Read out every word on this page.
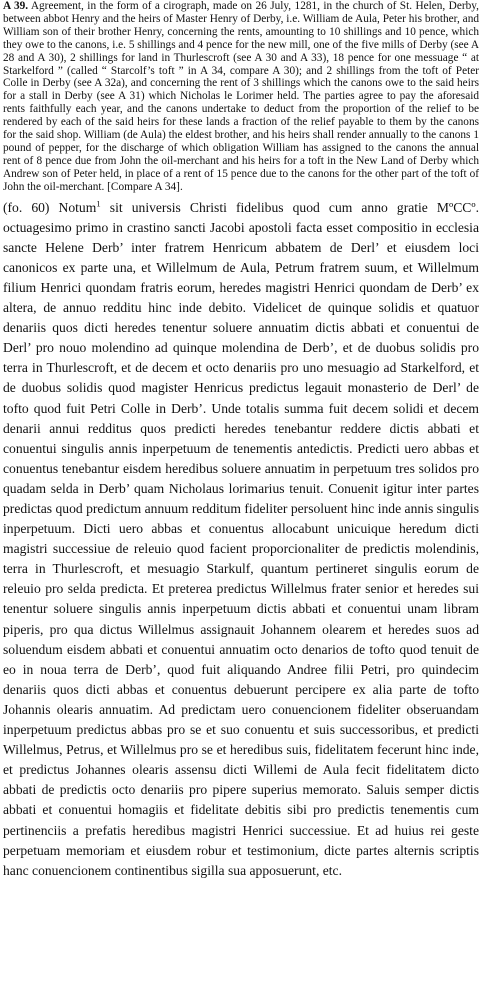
A 39. Agreement, in the form of a cirograph, made on 26 July, 1281, in the church of St. Helen, Derby, between abbot Henry and the heirs of Master Henry of Derby, i.e. William de Aula, Peter his brother, and William son of their brother Henry, concerning the rents, amounting to 10 shillings and 10 pence, which they owe to the canons, i.e. 5 shillings and 4 pence for the new mill, one of the five mills of Derby (see A 28 and A 30), 2 shillings for land in Thurlescroft (see A 30 and A 33), 18 pence for one messuage “ at Starkelford ” (called “ Starcolf’s toft ” in A 34, compare A 30); and 2 shillings from the toft of Peter Colle in Derby (see A 32a), and concerning the rent of 3 shillings which the canons owe to the said heirs for a stall in Derby (see A 31) which Nicholas le Lorimer held. The parties agree to pay the aforesaid rents faithfully each year, and the canons undertake to deduct from the proportion of the relief to be rendered by each of the said heirs for these lands a fraction of the relief payable to them by the canons for the said shop. William (de Aula) the eldest brother, and his heirs shall render annually to the canons 1 pound of pepper, for the discharge of which obligation William has assigned to the canons the annual rent of 8 pence due from John the oil-merchant and his heirs for a toft in the New Land of Derby which Andrew son of Peter held, in place of a rent of 15 pence due to the canons for the other part of the toft of John the oil-merchant. [Compare A 34].

(fo. 60) Notum$^1$ sit universis Christi fidelibus quod cum anno gratie MºCCº. octuagesimo primo in crastino sancti Jacobi apostoli facta esset compositio in ecclesia sancte Helene Derb’ inter fratrem Henricum abbatem de Derl’ et eiusdem loci canonicos ex parte una, et Willelmum de Aula, Petrum fratrem suum, et Willelmum filium Henrici quondam fratris eorum, heredes magistri Henrici quondam de Derb’ ex altera, de annuo redditu hinc inde debito. Videlicet de quinque solidis et quatuor denariis quos dicti heredes tenentur soluere annuatim dictis abbati et conuentui de Derl’ pro nouo molendino ad quinque molendina de Derb’, et de duobus solidis pro terra in Thurlescroft, et de decem et octo denariis pro uno mesuagio ad Starkelford, et de duobus solidis quod magister Henricus predictus legauit monasterio de Derl’ de tofto quod fuit Petri Colle in Derb’. Unde totalis summa fuit decem solidi et decem denarii annui redditus quos predicti heredes tenebantur reddere dictis abbati et conuentui singulis annis inperpetuum de tenementis antedictis. Predicti uero abbas et conuentus tenebantur eisdem heredibus soluere annuatim in perpetuum tres solidos pro quadam selda in Derb’ quam Nicholaus lorimarius tenuit. Conuenit igitur inter partes predictas quod predictum annuum redditum fideliter persoluent hinc inde annis singulis inperpetuum. Dicti uero abbas et conuentus allocabunt unicuique heredum dicti magistri successiue de releuio quod facient proporcionaliter de predictis molendinis, terra in Thurlescroft, et mesuagio Starkulf, quantum pertineret singulis eorum de releuio pro selda predicta. Et preterea predictus Willelmus frater senior et heredes sui tenentur soluere singulis annis inperpetuum dictis abbati et conuentui unam libram piperis, pro qua dictus Willelmus assignauit Johannem olearem et heredes suos ad soluendum eisdem abbati et conuentui annuatim octo denarios de tofto quod tenuit de eo in noua terra de Derb’, quod fuit aliquando Andree filii Petri, pro quindecim denariis quos dicti abbas et conuentus debuerunt percipere ex alia parte de tofto Johannis olearis annuatim. Ad predictam uero conuencionem fideliter obseruandam inperpetuum predictus abbas pro se et suo conuentu et suis successoribus, et predicti Willelmus, Petrus, et Willelmus pro se et heredibus suis, fidelitatem fecerunt hinc inde, et predictus Johannes olearis assensu dicti Willemi de Aula fecit fidelitatem dicto abbati de predictis octo denariis pro pipere superius memorato. Saluis semper dictis abbati et conuentui homagiis et fidelitate debitis sibi pro predictis tenementis cum pertinenciis a prefatis heredibus magistri Henrici successiue. Et ad huius rei geste perpetuam memoriam et eiusdem robur et testimonium, dicte partes alternis scriptis hanc conuencionem continentibus sigilla sua apposuerunt, etc.
